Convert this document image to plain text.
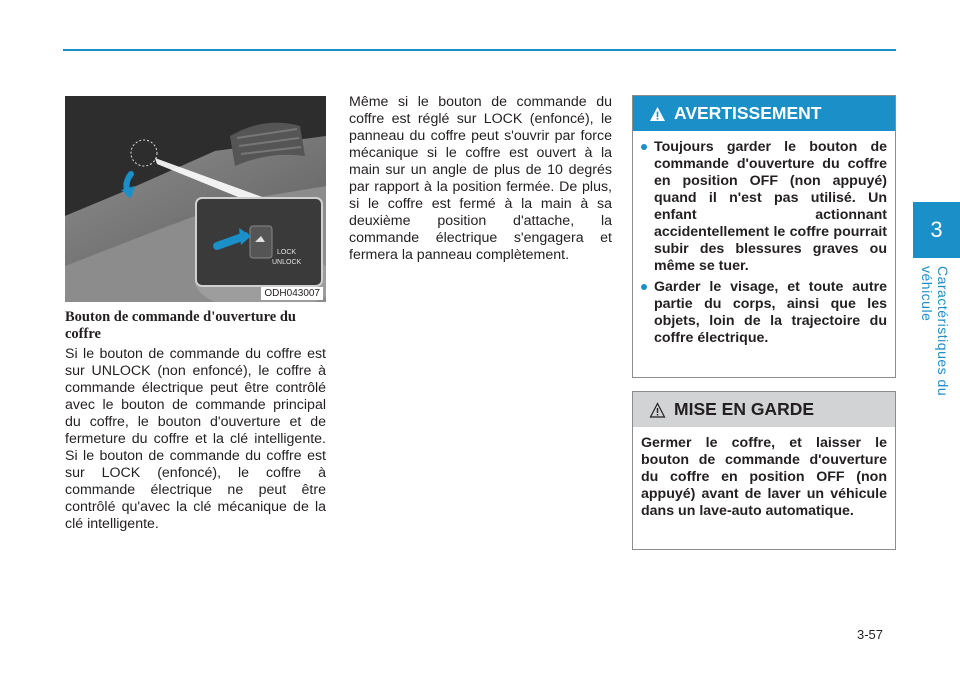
3
Caractéristiques du véhicule
LOCK
UNLOCK
ODH043007
Bouton de commande d'ouverture du coffre
Si le bouton de commande du coffre est sur UNLOCK (non enfoncé), le coffre à commande électrique peut être contrôlé avec le bouton de commande principal du coffre, le bouton d'ouverture et de fermeture du coffre et la clé intelligente. Si le bouton de commande du coffre est sur LOCK (enfoncé), le coffre à commande électrique ne peut être contrôlé qu'avec la clé mécanique de la clé intelligente.
Même si le bouton de commande du coffre est réglé sur LOCK (enfoncé), le panneau du coffre peut s'ouvrir par force mécanique si le coffre est ouvert à la main sur un angle de plus de 10 degrés par rapport à la position fermée. De plus, si le coffre est fermé à la main à sa deuxième position d'attache, la commande électrique s'engagera et fermera la panneau complètement.
AVERTISSEMENT
Toujours garder le bouton de commande d'ouverture du coffre en position OFF (non appuyé) quand il n'est pas utilisé. Un enfant actionnant accidentellement le coffre pourrait subir des blessures graves ou même se tuer.
Garder le visage, et toute autre partie du corps, ainsi que les objets, loin de la trajectoire du coffre électrique.
MISE EN GARDE
Germer le coffre, et laisser le bouton de commande d'ouverture du coffre en position OFF (non appuyé) avant de laver un véhicule dans un lave-auto automatique.
3-57
